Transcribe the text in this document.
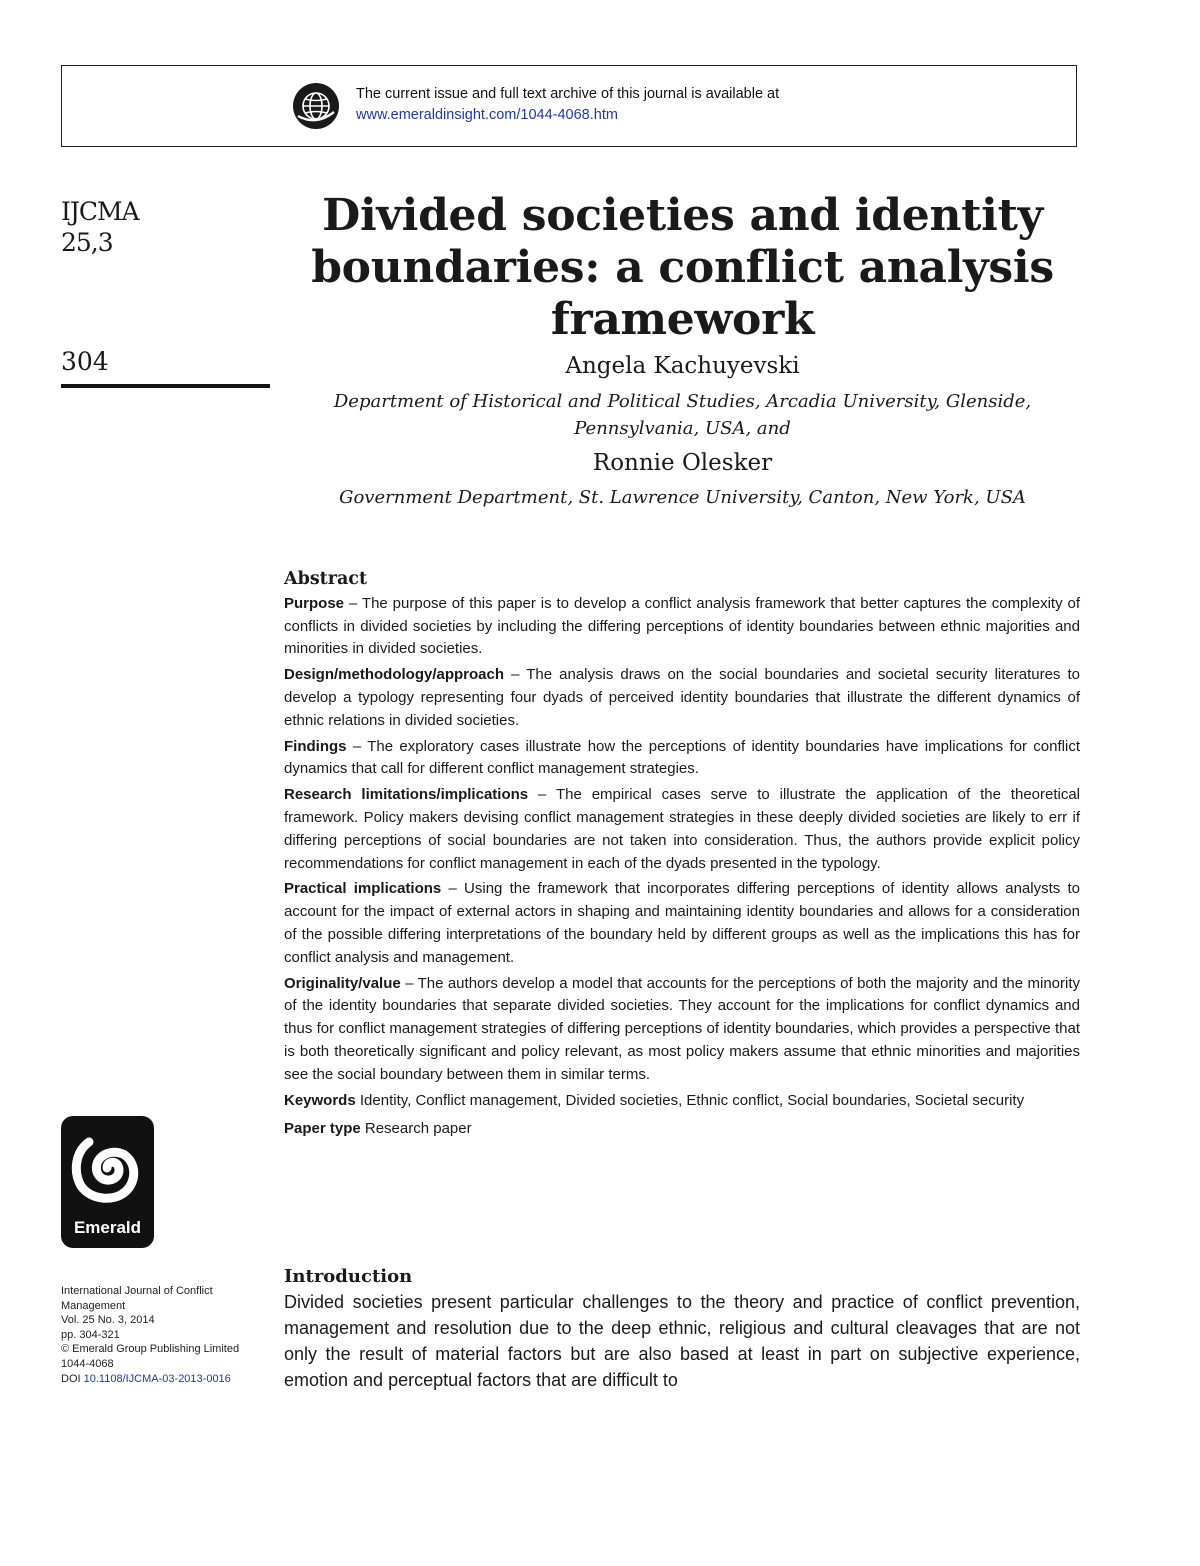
The current issue and full text archive of this journal is available at
www.emeraldinsight.com/1044-4068.htm
IJCMA
25,3
304
Divided societies and identity boundaries: a conflict analysis framework
Angela Kachuyevski
Department of Historical and Political Studies, Arcadia University, Glenside, Pennsylvania, USA, and
Ronnie Olesker
Government Department, St. Lawrence University, Canton, New York, USA
Abstract

Purpose – The purpose of this paper is to develop a conflict analysis framework that better captures the complexity of conflicts in divided societies by including the differing perceptions of identity boundaries between ethnic majorities and minorities in divided societies.

Design/methodology/approach – The analysis draws on the social boundaries and societal security literatures to develop a typology representing four dyads of perceived identity boundaries that illustrate the different dynamics of ethnic relations in divided societies.

Findings – The exploratory cases illustrate how the perceptions of identity boundaries have implications for conflict dynamics that call for different conflict management strategies.

Research limitations/implications – The empirical cases serve to illustrate the application of the theoretical framework. Policy makers devising conflict management strategies in these deeply divided societies are likely to err if differing perceptions of social boundaries are not taken into consideration. Thus, the authors provide explicit policy recommendations for conflict management in each of the dyads presented in the typology.

Practical implications – Using the framework that incorporates differing perceptions of identity allows analysts to account for the impact of external actors in shaping and maintaining identity boundaries and allows for a consideration of the possible differing interpretations of the boundary held by different groups as well as the implications this has for conflict analysis and management.

Originality/value – The authors develop a model that accounts for the perceptions of both the majority and the minority of the identity boundaries that separate divided societies. They account for the implications for conflict dynamics and thus for conflict management strategies of differing perceptions of identity boundaries, which provides a perspective that is both theoretically significant and policy relevant, as most policy makers assume that ethnic minorities and majorities see the social boundary between them in similar terms.

Keywords Identity, Conflict management, Divided societies, Ethnic conflict, Social boundaries, Societal security

Paper type Research paper

Introduction
Divided societies present particular challenges to the theory and practice of conflict prevention, management and resolution due to the deep ethnic, religious and cultural cleavages that are not only the result of material factors but are also based at least in part on subjective experience, emotion and perceptual factors that are difficult to
Emerald
International Journal of Conflict Management
Vol. 25 No. 3, 2014
pp. 304-321
© Emerald Group Publishing Limited
1044-4068
DOI 10.1108/IJCMA-03-2013-0016
